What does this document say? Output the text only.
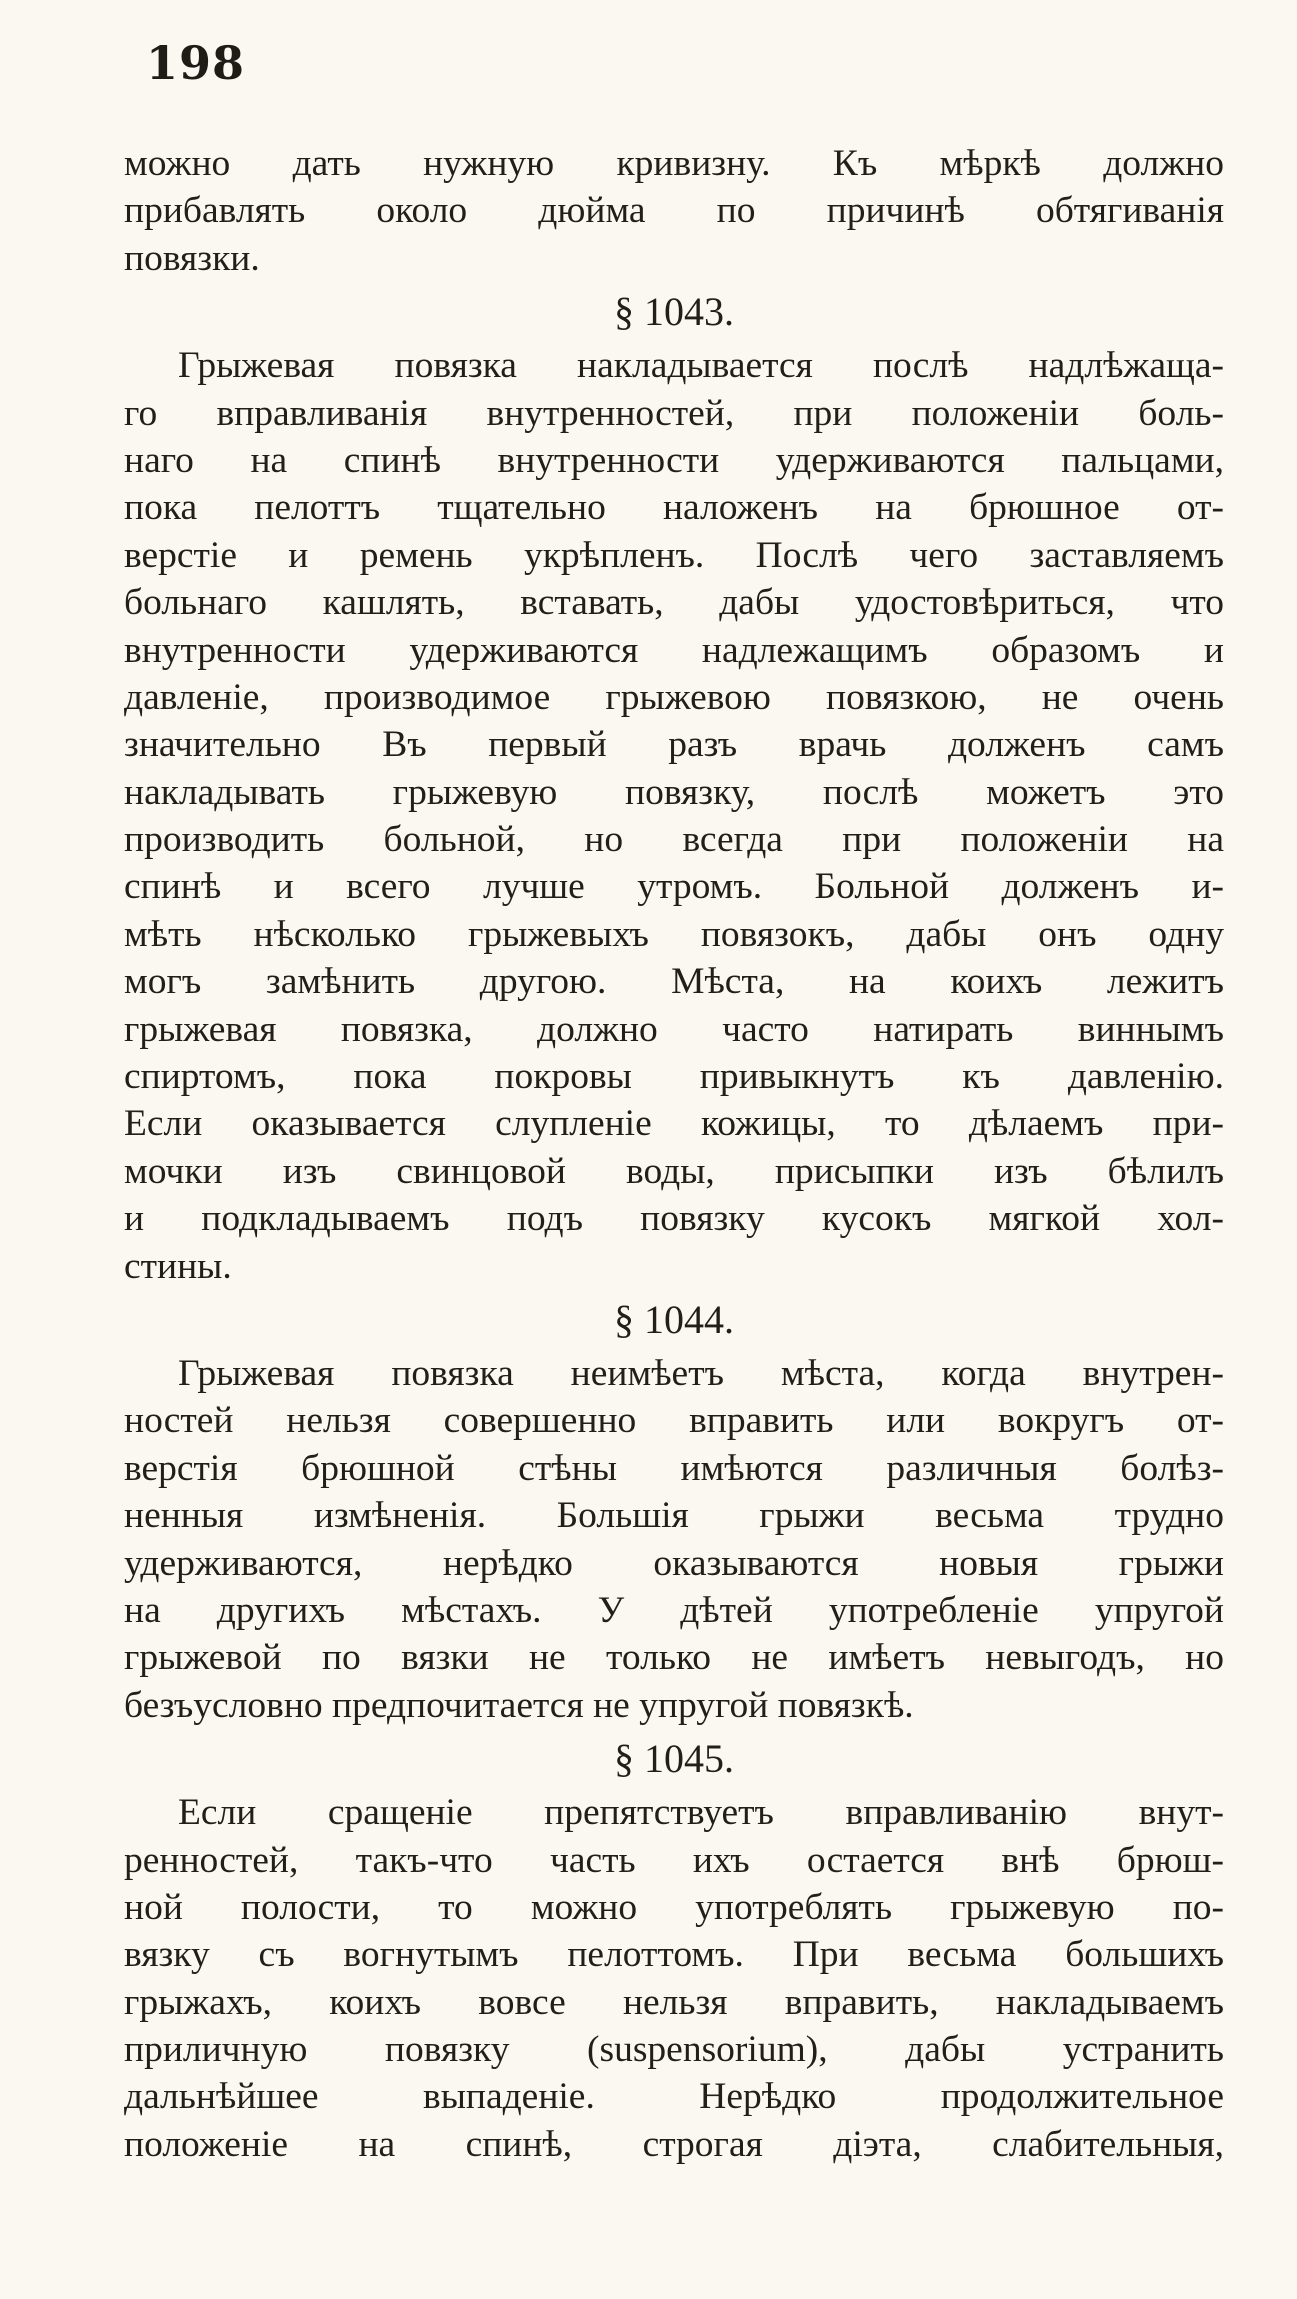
198
можно дать нужную кривизну. Къ мѣркѣ должно
прибавлять около дюйма по причинѣ обтягиванія
повязки.
§ 1043.
Грыжевая повязка накладывается послѣ надлѣжаща-
го вправливанія внутренностей, при положеніи боль-
наго на спинѣ внутренности удерживаются пальцами,
пока пелоттъ тщательно наложенъ на брюшное от-
верстіе и ремень укрѣпленъ. Послѣ чего заставляемъ
больнаго кашлять, вставать, дабы удостовѣриться, что
внутренности удерживаются надлежащимъ образомъ и
давленіе, производимое грыжевою повязкою, не очень
значительно Въ первый разъ врачь долженъ самъ
накладывать грыжевую повязку, послѣ можетъ это
производить больной, но всегда при положеніи на
спинѣ и всего лучше утромъ. Больной долженъ и-
мѣть нѣсколько грыжевыхъ повязокъ, дабы онъ одну
могъ замѣнить другою. Мѣста, на коихъ лежитъ
грыжевая повязка, должно часто натирать виннымъ
спиртомъ, пока покровы привыкнутъ къ давленію.
Если оказывается слупленіе кожицы, то дѣлаемъ при-
мочки изъ свинцовой воды, присыпки изъ бѣлилъ
и подкладываемъ подъ повязку кусокъ мягкой хол-
стины.
§ 1044.
Грыжевая повязка неимѣетъ мѣста, когда внутрен-
ностей нельзя совершенно вправить или вокругъ от-
верстія брюшной стѣны имѣются различныя болѣз-
ненныя измѣненія. Большія грыжи весьма трудно
удерживаются, нерѣдко оказываются новыя грыжи
на другихъ мѣстахъ. У дѣтей употребленіе упругой
грыжевой по вязки не только не имѣетъ невыгодъ, но
безъусловно предпочитается не упругой повязкѣ.
§ 1045.
Если сращеніе препятствуетъ вправливанію внут-
ренностей, такъ-что часть ихъ остается внѣ брюш-
ной полости, то можно употреблять грыжевую по-
вязку съ вогнутымъ пелоттомъ. При весьма большихъ
грыжахъ, коихъ вовсе нельзя вправить, накладываемъ
приличную повязку (suspensorium), дабы устранить
дальнѣйшее выпаденіе. Нерѣдко продолжительное
положеніе на спинѣ, строгая діэта, слабительныя,
